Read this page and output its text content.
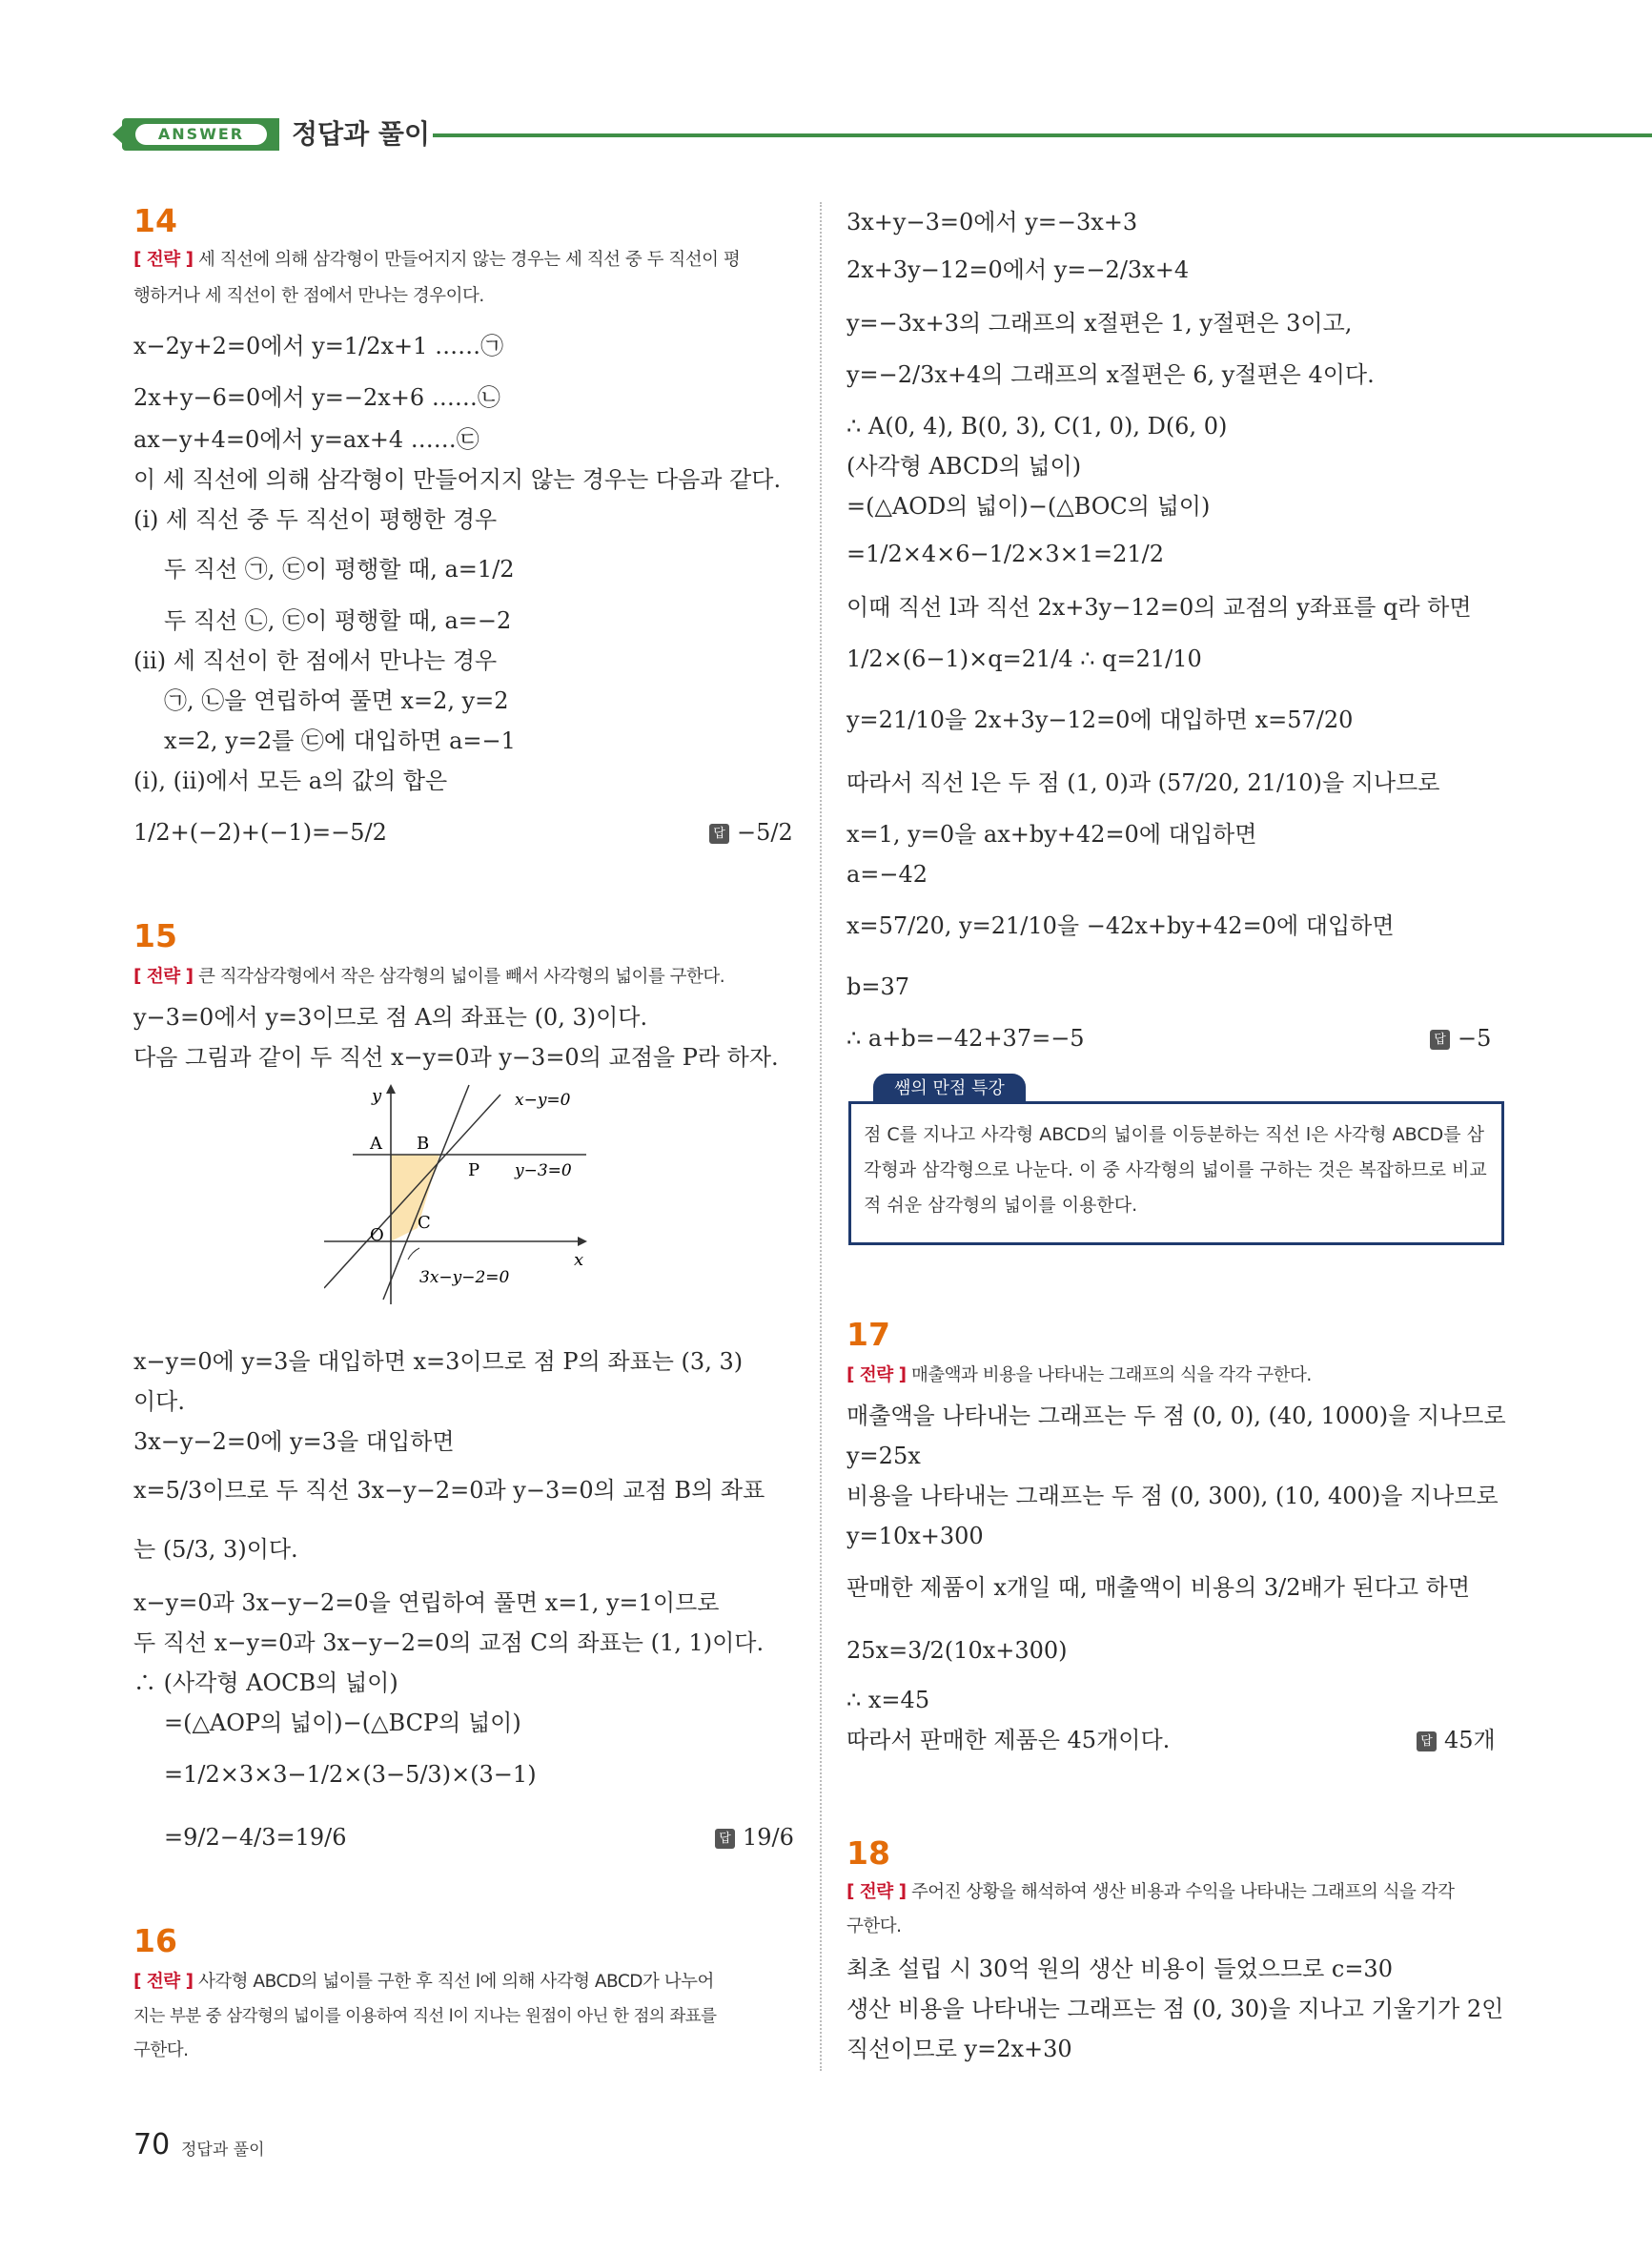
ANSWER	정답과 풀이
14
[ 전략 ] 세 직선에 의해 삼각형이 만들어지지 않는 경우는 세 직선 중 두 직선이 평
행하거나 세 직선이 한 점에서 만나는 경우이다.
x−2y+2=0에서 y=1/2x+1 ……㉠
2x+y−6=0에서 y=−2x+6 ……㉡
ax−y+4=0에서 y=ax+4 ……㉢
이 세 직선에 의해 삼각형이 만들어지지 않는 경우는 다음과 같다.
(ⅰ) 세 직선 중 두 직선이 평행한 경우
두 직선 ㉠, ㉢이 평행할 때, a=1/2
두 직선 ㉡, ㉢이 평행할 때, a=−2
(ⅱ) 세 직선이 한 점에서 만나는 경우
㉠, ㉡을 연립하여 풀면 x=2, y=2
x=2, y=2를 ㉢에 대입하면 a=−1
(ⅰ), (ⅱ)에서 모든 a의 값의 합은
1/2+(−2)+(−1)=−5/2	답 −5/2
15
[ 전략 ] 큰 직각삼각형에서 작은 삼각형의 넓이를 빼서 사각형의 넓이를 구한다.
y−3=0에서 y=3이므로 점 A의 좌표는 (0, 3)이다.
다음 그림과 같이 두 직선 x−y=0과 y−3=0의 교점을 P라 하자.
y
x
x−y=0
y−3=0
3x−y−2=0
A B
P
O
C
x−y=0에 y=3을 대입하면 x=3이므로 점 P의 좌표는 (3, 3)
이다.
3x−y−2=0에 y=3을 대입하면
x=5/3이므로 두 직선 3x−y−2=0과 y−3=0의 교점 B의 좌표
는 (5/3, 3)이다.
x−y=0과 3x−y−2=0을 연립하여 풀면 x=1, y=1이므로
두 직선 x−y=0과 3x−y−2=0의 교점 C의 좌표는 (1, 1)이다.
∴ (사각형 AOCB의 넓이)
=(△AOP의 넓이)−(△BCP의 넓이)
=1/2×3×3−1/2×(3−5/3)×(3−1)
=9/2−4/3=19/6	답 19/6
16
[ 전략 ] 사각형 ABCD의 넓이를 구한 후 직선 l에 의해 사각형 ABCD가 나누어
지는 부분 중 삼각형의 넓이를 이용하여 직선 l이 지나는 원점이 아닌 한 점의 좌표를
구한다.
3x+y−3=0에서 y=−3x+3
2x+3y−12=0에서 y=−2/3x+4
y=−3x+3의 그래프의 x절편은 1, y절편은 3이고,
y=−2/3x+4의 그래프의 x절편은 6, y절편은 4이다.
∴ A(0, 4), B(0, 3), C(1, 0), D(6, 0)
(사각형 ABCD의 넓이)
=(△AOD의 넓이)−(△BOC의 넓이)
=1/2×4×6−1/2×3×1=21/2
이때 직선 l과 직선 2x+3y−12=0의 교점의 y좌표를 q라 하면
1/2×(6−1)×q=21/4 ∴ q=21/10
y=21/10을 2x+3y−12=0에 대입하면 x=57/20
따라서 직선 l은 두 점 (1, 0)과 (57/20, 21/10)을 지나므로
x=1, y=0을 ax+by+42=0에 대입하면
a=−42
x=57/20, y=21/10을 −42x+by+42=0에 대입하면
b=37
∴ a+b=−42+37=−5	답 −5
쌤의 만점 특강
점 C를 지나고 사각형 ABCD의 넓이를 이등분하는 직선 l은 사각형 ABCD를 삼각형과 삼각형으로 나눈다. 이 중 사각형의 넓이를 구하는 것은 복잡하므로 비교적 쉬운 삼각형의 넓이를 이용한다.
17
[ 전략 ] 매출액과 비용을 나타내는 그래프의 식을 각각 구한다.
매출액을 나타내는 그래프는 두 점 (0, 0), (40, 1000)을 지나므로
y=25x
비용을 나타내는 그래프는 두 점 (0, 300), (10, 400)을 지나므로
y=10x+300
판매한 제품이 x개일 때, 매출액이 비용의 3/2배가 된다고 하면
25x=3/2(10x+300)
∴ x=45
따라서 판매한 제품은 45개이다.	답 45개
18
[ 전략 ] 주어진 상황을 해석하여 생산 비용과 수익을 나타내는 그래프의 식을 각각
구한다.
최초 설립 시 30억 원의 생산 비용이 들었으므로 c=30
생산 비용을 나타내는 그래프는 점 (0, 30)을 지나고 기울기가 2인
직선이므로 y=2x+30
70 정답과 풀이
